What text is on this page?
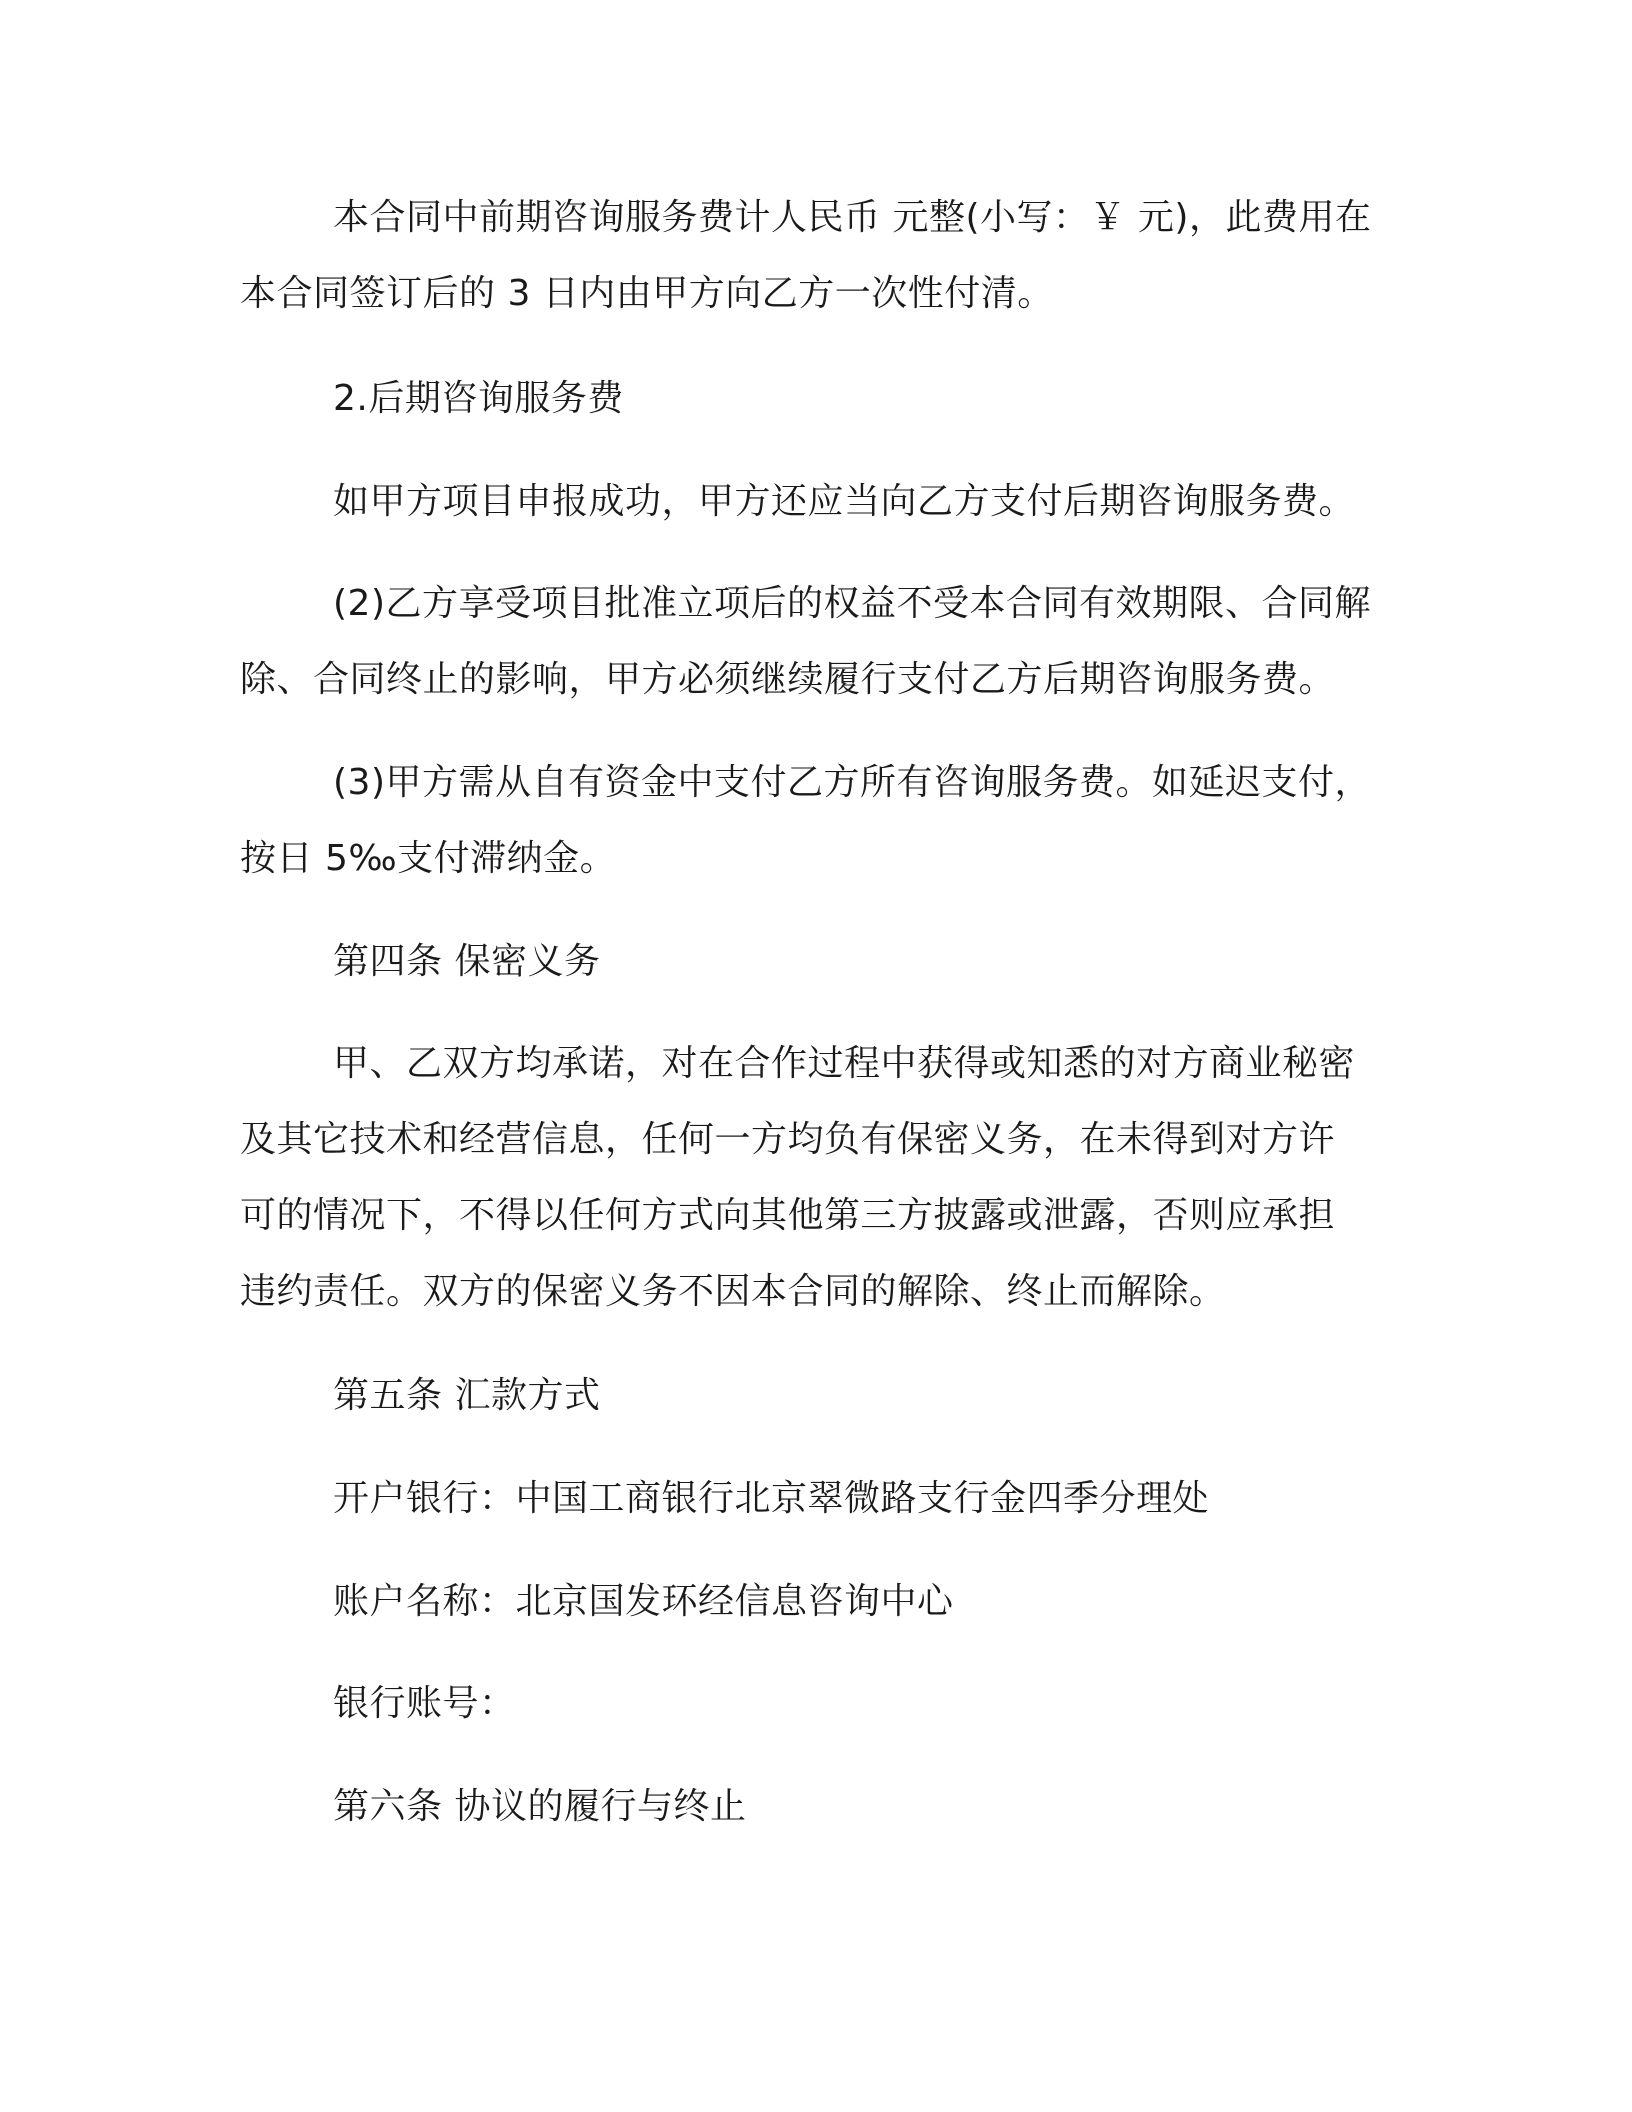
本合同中前期咨询服务费计人民币 元整(小写：￥ 元)，此费用在
本合同签订后的 3 日内由甲方向乙方一次性付清。
2.后期咨询服务费
如甲方项目申报成功，甲方还应当向乙方支付后期咨询服务费。
(2)乙方享受项目批准立项后的权益不受本合同有效期限、合同解
除、合同终止的影响，甲方必须继续履行支付乙方后期咨询服务费。
(3)甲方需从自有资金中支付乙方所有咨询服务费。如延迟支付，
按日 5‰支付滞纳金。
第四条 保密义务
甲、乙双方均承诺，对在合作过程中获得或知悉的对方商业秘密
及其它技术和经营信息，任何一方均负有保密义务，在未得到对方许
可的情况下，不得以任何方式向其他第三方披露或泄露，否则应承担
违约责任。双方的保密义务不因本合同的解除、终止而解除。
第五条 汇款方式
开户银行：中国工商银行北京翠微路支行金四季分理处
账户名称：北京国发环经信息咨询中心
银行账号：
第六条 协议的履行与终止
